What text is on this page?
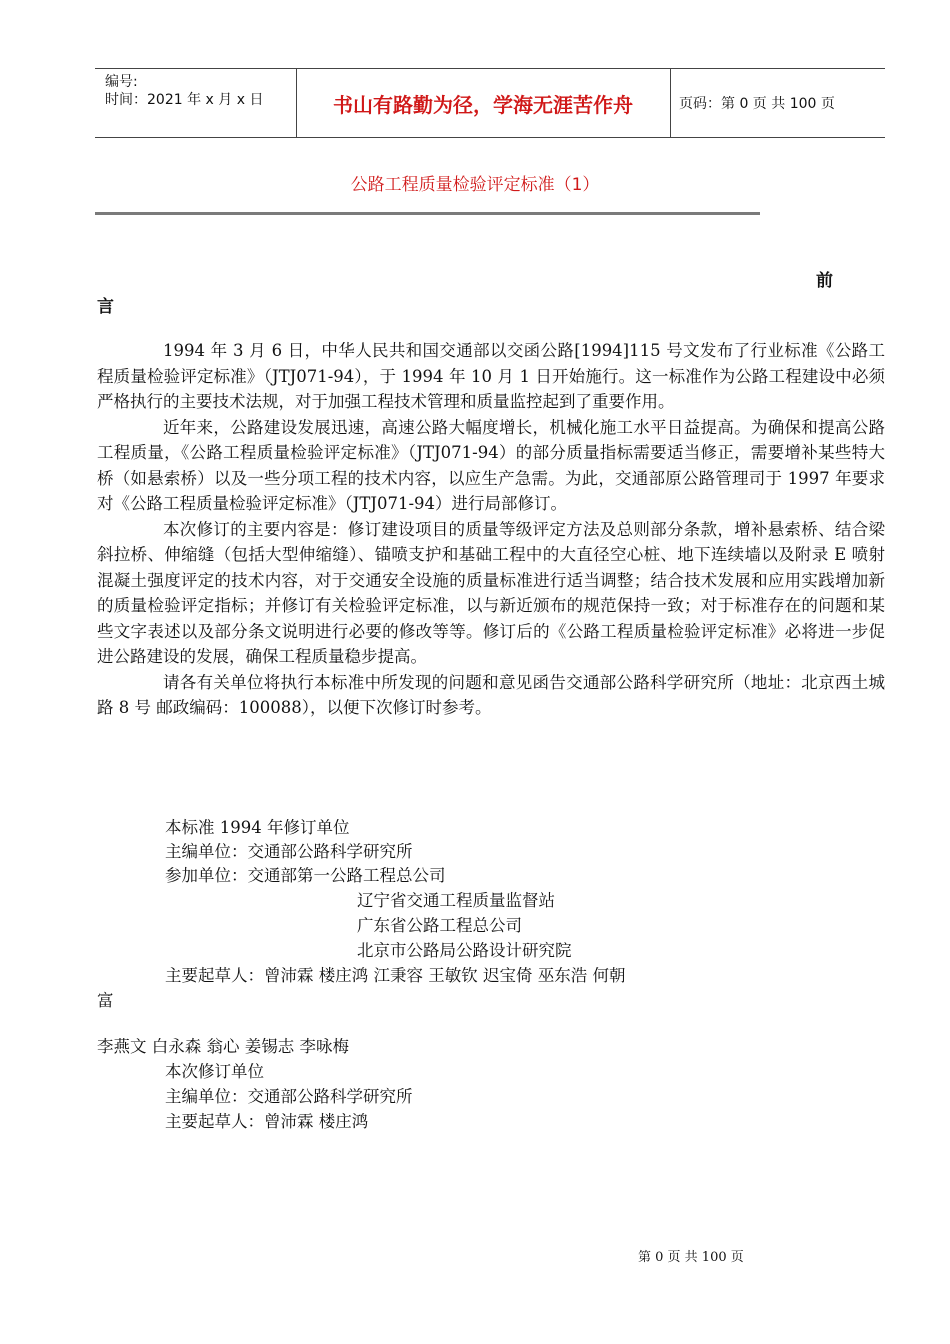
编号:
时间：2021 年 x 月 x 日	书山有路勤为径，学海无涯苦作舟	页码：第 0 页 共 100 页
公路工程质量检验评定标准（1）
前
言

1994 年 3 月 6 日，中华人民共和国交通部以交函公路[1994]115 号文发布了行业标准《公路工程质量检验评定标准》（JTJ071-94），于 1994 年 10 月 1 日开始施行。这一标准作为公路工程建设中必须严格执行的主要技术法规，对于加强工程技术管理和质量监控起到了重要作用。

近年来，公路建设发展迅速，高速公路大幅度增长，机械化施工水平日益提高。为确保和提高公路工程质量，《公路工程质量检验评定标准》（JTJ071-94）的部分质量指标需要适当修正，需要增补某些特大桥（如悬索桥）以及一些分项工程的技术内容，以应生产急需。为此，交通部原公路管理司于 1997 年要求对《公路工程质量检验评定标准》（JTJ071-94）进行局部修订。

本次修订的主要内容是：修订建设项目的质量等级评定方法及总则部分条款，增补悬索桥、结合梁斜拉桥、伸缩缝（包括大型伸缩缝）、锚喷支护和基础工程中的大直径空心桩、地下连续墙以及附录 E 喷射混凝土强度评定的技术内容，对于交通安全设施的质量标准进行适当调整；结合技术发展和应用实践增加新的质量检验评定指标；并修订有关检验评定标准，以与新近颁布的规范保持一致；对于标准存在的问题和某些文字表述以及部分条文说明进行必要的修改等等。修订后的《公路工程质量检验评定标准》必将进一步促进公路建设的发展，确保工程质量稳步提高。

请各有关单位将执行本标准中所发现的问题和意见函告交通部公路科学研究所（地址：北京西土城路 8 号 邮政编码：100088），以便下次修订时参考。

本标准 1994 年修订单位
主编单位：交通部公路科学研究所
参加单位：交通部第一公路工程总公司
辽宁省交通工程质量监督站
广东省公路工程总公司
北京市公路局公路设计研究院
主要起草人：曾沛霖 楼庄鸿 江秉容 王敏钦 迟宝倚 巫东浩 何朝
富
李燕文 白永森 翁心 姜锡志 李咏梅
本次修订单位
主编单位：交通部公路科学研究所
主要起草人：曾沛霖 楼庄鸿
第 0 页 共 100 页
